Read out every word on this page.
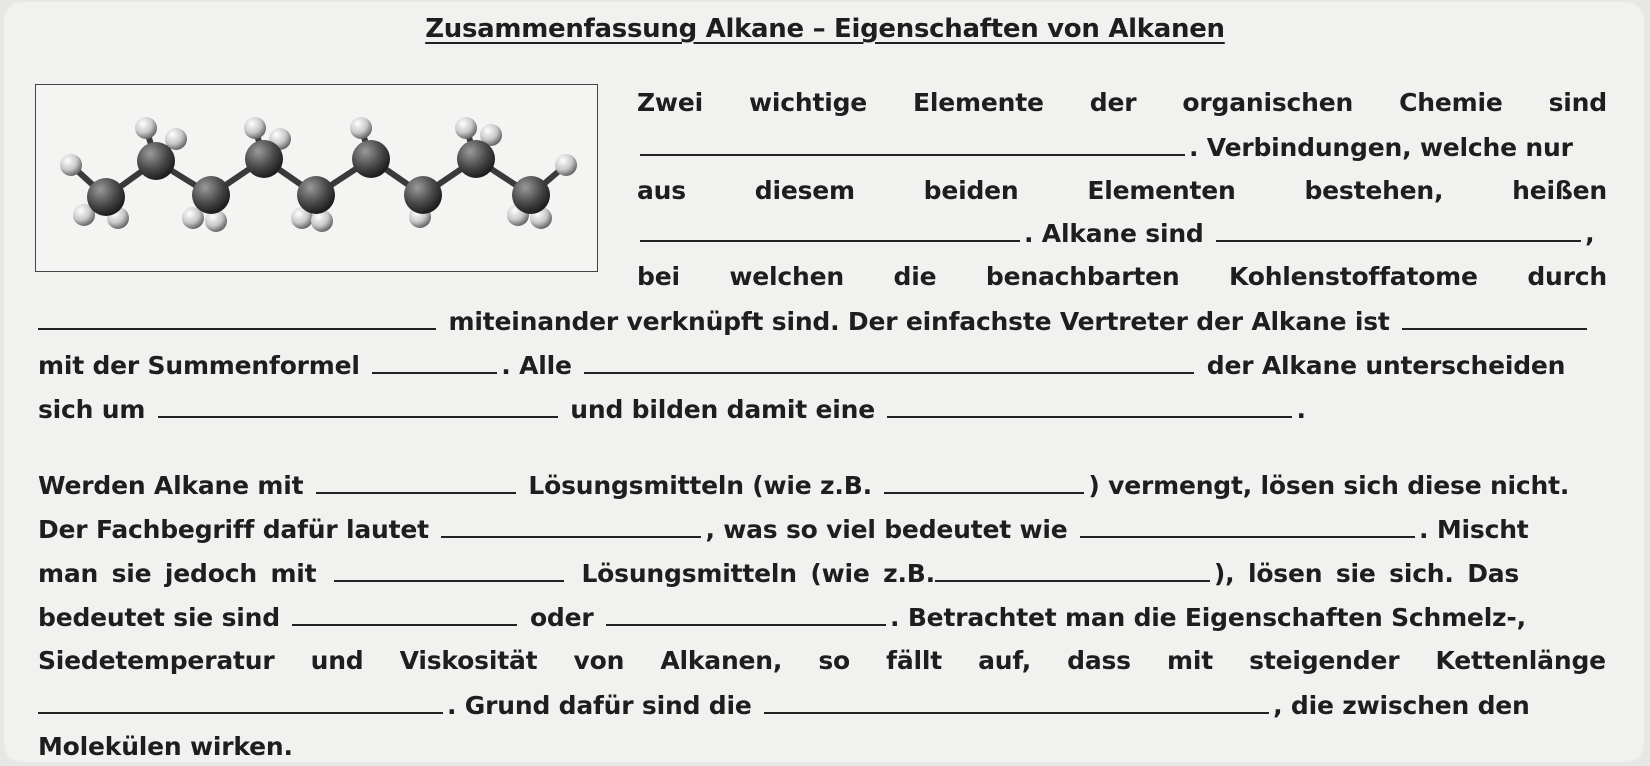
Zusammenfassung Alkane – Eigenschaften von Alkanen
Zwei wichtige Elemente der organischen Chemie sind
. Verbindungen, welche nur
aus	diesem	beiden	Elementen	bestehen,	heißen
. Alkane sind	,
bei welchen die benachbarten Kohlenstoffatome durch
miteinander verknüpft sind. Der einfachste Vertreter der Alkane ist
mit der Summenformel	. Alle	der Alkane unterscheiden
sich um	und bilden damit eine	.
Werden Alkane mit	Lösungsmitteln (wie z.B.	) vermengt, lösen sich diese nicht.
Der Fachbegriff dafür lautet	, was so viel bedeutet wie	. Mischt
man sie jedoch mit	Lösungsmitteln (wie z.B.	), lösen sie sich. Das
bedeutet sie sind	oder	. Betrachtet man die Eigenschaften Schmelz-,
Siedetemperatur und Viskosität von Alkanen, so fällt auf, dass mit steigender Kettenlänge
. Grund dafür sind die	, die zwischen den
Molekülen wirken.
